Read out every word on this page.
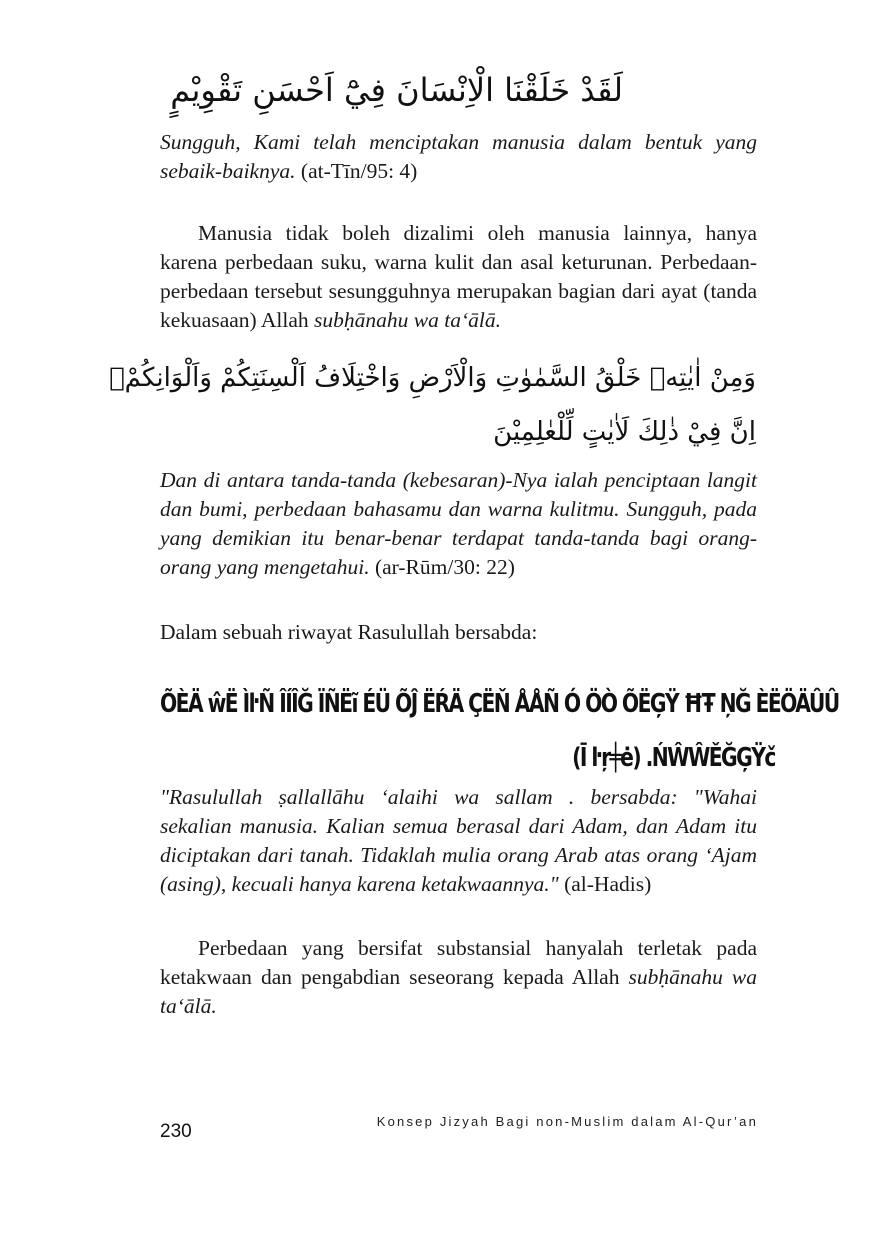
لَقَدْ خَلَقْنَا الْاِنْسَانَ فِيْٓ اَحْسَنِ تَقْوِيْمٍ

Sungguh, Kami telah menciptakan manusia dalam bentuk yang sebaik-baiknya. (at-Tīn/95: 4)

Manusia tidak boleh dizalimi oleh manusia lainnya, hanya karena perbedaan suku, warna kulit dan asal keturunan. Perbedaan-perbedaan tersebut sesungguhnya merupakan bagian dari ayat (tanda kekuasaan) Allah subḥānahu wa ta‘ālā.

وَمِنْ اٰيٰتِهٖ خَلْقُ السَّمٰوٰتِ وَالْاَرْضِ وَاخْتِلَافُ اَلْسِنَتِكُمْ وَاَلْوَانِكُمْۗ

اِنَّ فِيْ ذٰلِكَ لَاٰيٰتٍ لِّلْعٰلِمِيْنَ

Dan di antara tanda-tanda (kebesaran)-Nya ialah penciptaan langit dan bumi, perbedaan bahasamu dan warna kulitmu. Sungguh, pada yang demikian itu benar-benar terdapat tanda-tanda bagi orang-orang yang mengetahui. (ar-Rūm/30: 22)

Dalam sebuah riwayat Rasulullah bersabda:

ÕÈÄ ŵË ÌŀÑ ÎÍÎĞ ÏÑËĩ ÉÜ ÕĴ ËŔÄ ÇËŇ ÅÅÑ Ó ÖÒ ÕËĢŸ ĦŦ ŅĞ ÈËÖÄÛÛ

(Ī ŀŗ╪ė) .ŃŴŴĚĞĢŸč

"Rasulullah ṣallallāhu ‘alaihi wa sallam . bersabda: "Wahai sekalian manusia. Kalian semua berasal dari Adam, dan Adam itu diciptakan dari tanah. Tidaklah mulia orang Arab atas orang ‘Ajam (asing), kecuali hanya karena ketakwaannya." (al-Hadis)

Perbedaan yang bersifat substansial hanyalah terletak pada ketakwaan dan pengabdian seseorang kepada Allah subḥānahu wa ta‘ālā.

Konsep Jizyah Bagi non-Muslim dalam Al-Qur’an
230
